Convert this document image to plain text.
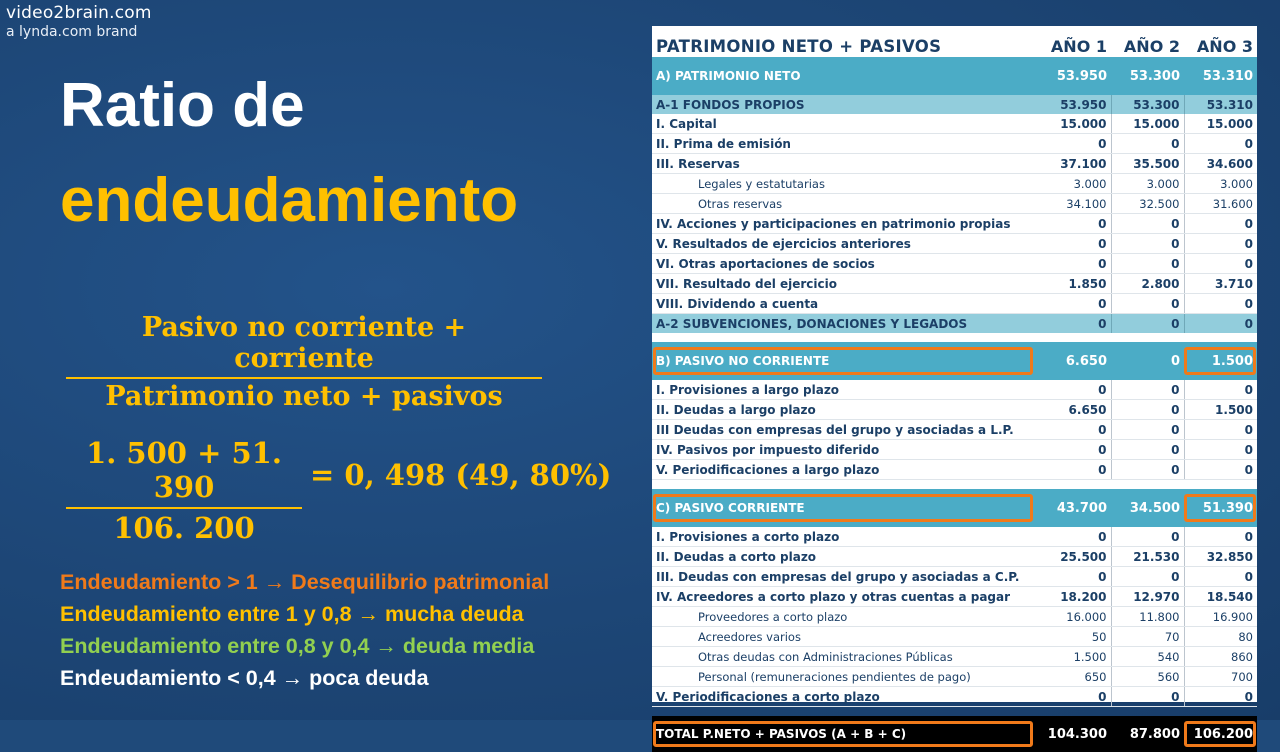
video2brain.com
a lynda.com brand
Ratio de
endeudamiento
Pasivo no corriente + corriente
Patrimonio neto + pasivos
1. 500 + 51. 390
106. 200
= 0, 498 (49, 80%)
Endeudamiento > 1 → Desequilibrio patrimonial
Endeudamiento entre 1 y 0,8 → mucha deuda
Endeudamiento entre 0,8 y 0,4 → deuda media
Endeudamiento < 0,4 → poca deuda
PATRIMONIO NETO + PASIVOS	AÑO 1	AÑO 2	AÑO 3
A) PATRIMONIO NETO	53.950	53.300	53.310
A-1 FONDOS PROPIOS	53.950	53.300	53.310
I. Capital	15.000	15.000	15.000
II. Prima de emisión	0	0	0
III. Reservas	37.100	35.500	34.600
Legales y estatutarias	3.000	3.000	3.000
Otras reservas	34.100	32.500	31.600
IV. Acciones y participaciones en patrimonio propias	0	0	0
V. Resultados de ejercicios anteriores	0	0	0
VI. Otras aportaciones de socios	0	0	0
VII. Resultado del ejercicio	1.850	2.800	3.710
VIII. Dividendo a cuenta	0	0	0
A-2 SUBVENCIONES, DONACIONES Y LEGADOS	0	0	0

B) PASIVO NO CORRIENTE	6.650	0	1.500
I. Provisiones a largo plazo	0	0	0
II. Deudas a largo plazo	6.650	0	1.500
III Deudas con empresas del grupo y asociadas a L.P.	0	0	0
IV. Pasivos por impuesto diferido	0	0	0
V. Periodificaciones a largo plazo	0	0	0

C) PASIVO CORRIENTE	43.700	34.500	51.390
I. Provisiones a corto plazo	0	0	0
II. Deudas a corto plazo	25.500	21.530	32.850
III. Deudas con empresas del grupo y asociadas a C.P.	0	0	0
IV. Acreedores a corto plazo y otras cuentas a pagar	18.200	12.970	18.540
Proveedores a corto plazo	16.000	11.800	16.900
Acreedores varios	50	70	80
Otras deudas con Administraciones Públicas	1.500	540	860
Personal (remuneraciones pendientes de pago)	650	560	700
V. Periodificaciones a corto plazo	0	0	0

TOTAL P.NETO + PASIVOS (A + B + C)	104.300	87.800	106.200
